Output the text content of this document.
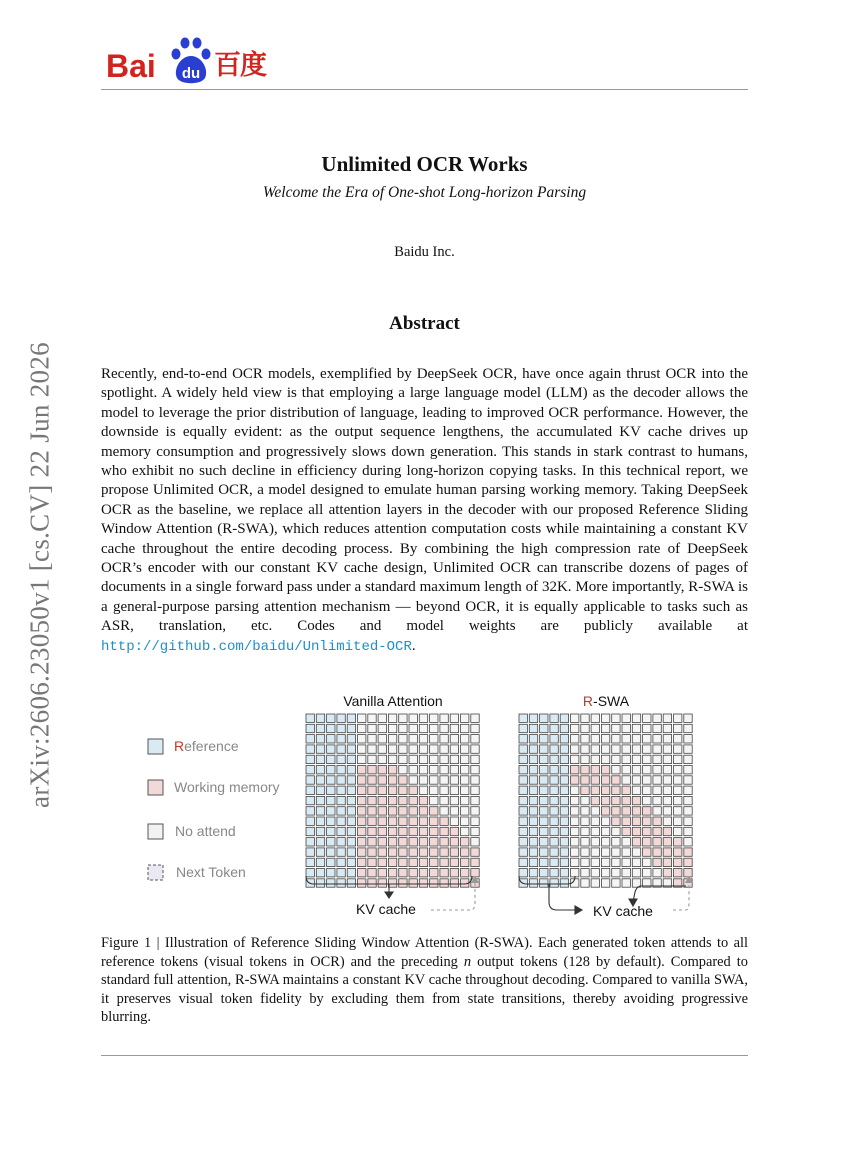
Bai du 百度
arXiv:2606.23050v1 [cs.CV] 22 Jun 2026
Unlimited OCR Works
Welcome the Era of One-shot Long-horizon Parsing
Baidu Inc.
Abstract
Recently, end-to-end OCR models, exemplified by DeepSeek OCR, have once again thrust OCR into the spotlight. A widely held view is that employing a large language model (LLM) as the decoder allows the model to leverage the prior distribution of language, leading to improved OCR performance. However, the downside is equally evident: as the output sequence lengthens, the accumulated KV cache drives up memory consumption and progressively slows down generation. This stands in stark contrast to humans, who exhibit no such decline in efficiency during long-horizon copying tasks. In this technical report, we propose Unlimited OCR, a model designed to emulate human parsing working memory. Taking DeepSeek OCR as the baseline, we replace all attention layers in the decoder with our proposed Reference Sliding Window Attention (R-SWA), which reduces attention computation costs while maintaining a constant KV cache throughout the entire decoding process. By combining the high compression rate of DeepSeek OCR’s encoder with our constant KV cache design, Unlimited OCR can transcribe dozens of pages of documents in a single forward pass under a standard maximum length of 32K. More importantly, R-SWA is a general-purpose parsing attention mechanism — beyond OCR, it is equally applicable to tasks such as ASR, translation, etc. Codes and model weights are publicly available at http://github.com/baidu/Unlimited-OCR.
Reference
Working memory
No attend
Next Token
Vanilla Attention	R-SWA
KV cache	KV cache
Figure 1 | Illustration of Reference Sliding Window Attention (R-SWA). Each generated token attends to all reference tokens (visual tokens in OCR) and the preceding n output tokens (128 by default). Compared to standard full attention, R-SWA maintains a constant KV cache throughout decoding. Compared to vanilla SWA, it preserves visual token fidelity by excluding them from state transitions, thereby avoiding progressive blurring.
